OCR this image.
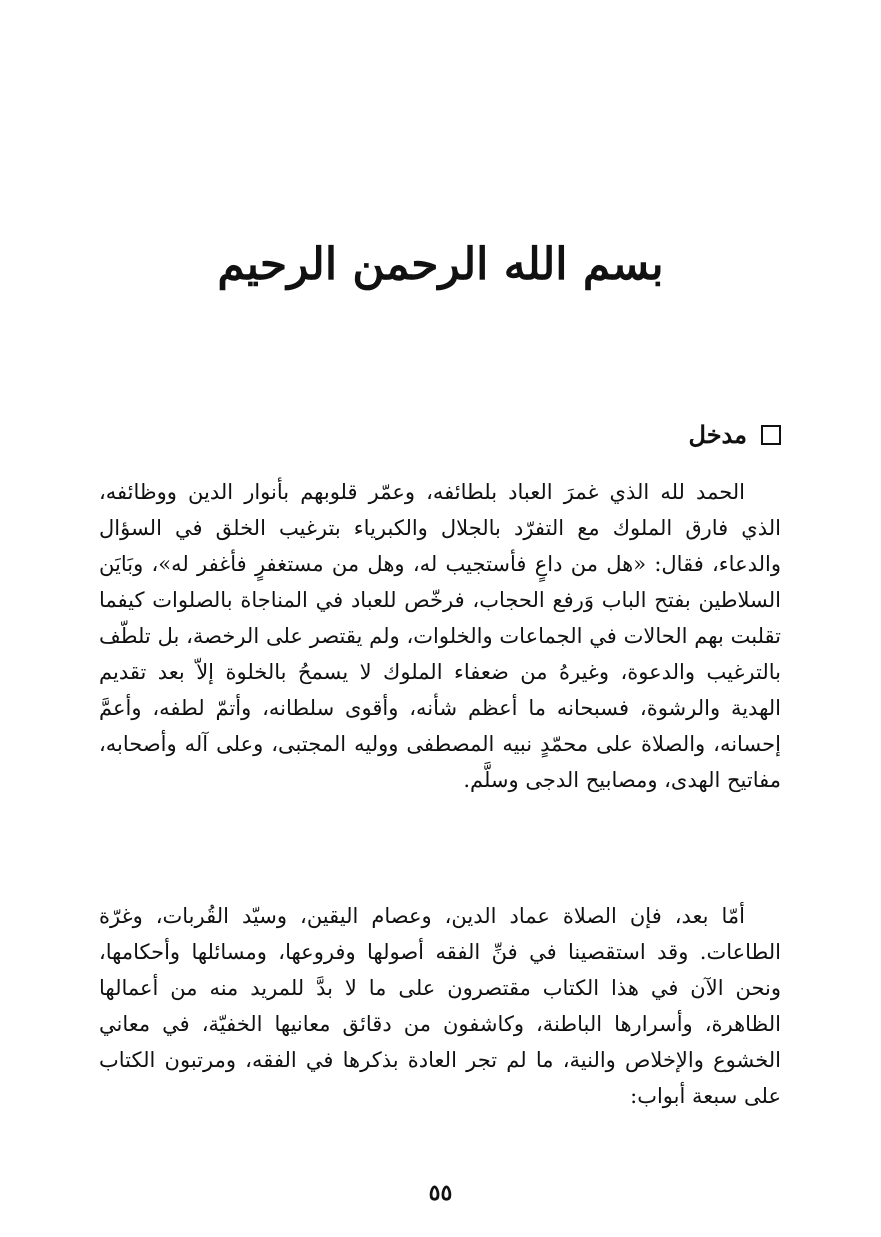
بسم الله الرحمن الرحيم
مدخل

الحمد لله الذي غمرَ العباد بلطائفه، وعمّر قلوبهم بأنوار الدين ووظائفه، الذي فارق الملوك مع التفرّد بالجلال والكبرياء بترغيب الخلق في السؤال والدعاء، فقال: «هل من داعٍ فأستجيب له، وهل من مستغفرٍ فأغفر له»، وبَايَن السلاطين بفتح الباب وَرفع الحجاب، فرخّص للعباد في المناجاة بالصلوات كيفما تقلبت بهم الحالات في الجماعات والخلوات، ولم يقتصر على الرخصة، بل تلطّف بالترغيب والدعوة، وغيرهُ من ضعفاء الملوك لا يسمحُ بالخلوة إلاّ بعد تقديم الهدية والرشوة، فسبحانه ما أعظم شأنه، وأقوى سلطانه، وأتمّ لطفه، وأعمَّ إحسانه، والصلاة على محمّدٍ نبيه المصطفى ووليه المجتبى، وعلى آله وأصحابه، مفاتيح الهدى، ومصابيح الدجى وسلَّم.

أمّا بعد، فإن الصلاة عماد الدين، وعصام اليقين، وسيّد القُربات، وغرّة الطاعات. وقد استقصينا في فنِّ الفقه أصولها وفروعها، ومسائلها وأحكامها، ونحن الآن في هذا الكتاب مقتصرون على ما لا بدَّ للمريد منه من أعمالها الظاهرة، وأسرارها الباطنة، وكاشفون من دقائق معانيها الخفيّة، في معاني الخشوع والإخلاص والنية، ما لم تجر العادة بذكرها في الفقه، ومرتبون الكتاب على سبعة أبواب:

٥٥
